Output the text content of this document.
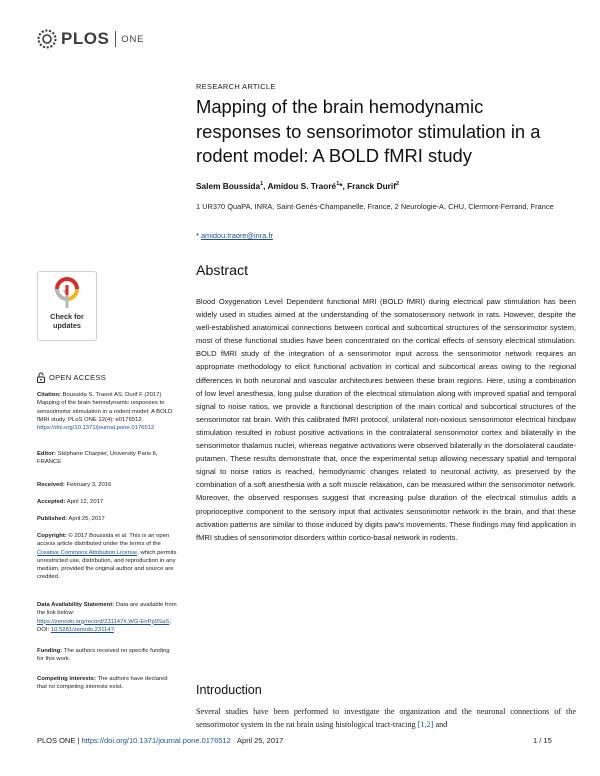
PLOS ONE
RESEARCH ARTICLE
Mapping of the brain hemodynamic responses to sensorimotor stimulation in a rodent model: A BOLD fMRI study
Salem Boussida$^1$, Amidou S. Traoré$^1$*, Franck Durif$^2$
1 UR370 QuaPA, INRA, Saint-Genès-Champanelle, France, 2 Neurologie-A, CHU, Clermont-Ferrand, France
* amidou.traore@inra.fr
Abstract
Blood Oxygenation Level Dependent functional MRI (BOLD fMRI) during electrical paw stimulation has been widely used in studies aimed at the understanding of the somatosensory network in rats. However, despite the well-established anatomical connections between cortical and subcortical structures of the sensorimotor system, most of these functional studies have been concentrated on the cortical effects of sensory electrical stimulation. BOLD fMRI study of the integration of a sensorimotor input across the sensorimotor network requires an appropriate methodology to elicit functional activation in cortical and subcortical areas owing to the regional differences in both neuronal and vascular architectures between these brain regions. Here, using a combination of low level anesthesia, long pulse duration of the electrical stimulation along with improved spatial and temporal signal to noise ratios, we provide a functional description of the main cortical and subcortical structures of the sensorimotor rat brain. With this calibrated fMRI protocol, unilateral non-noxious sensorimotor electrical hindpaw stimulation resulted in robust positive activations in the contralateral sensorimotor cortex and bilaterally in the sensorimotor thalamus nuclei, whereas negative activations were observed bilaterally in the dorsolateral caudate-putamen. These results demonstrate that, once the experimental setup allowing necessary spatial and temporal signal to noise ratios is reached, hemodynamic changes related to neuronal activity, as preserved by the combination of a soft anesthesia with a soft muscle relaxation, can be measured within the sensorimotor network. Moreover, the observed responses suggest that increasing pulse duration of the electrical stimulus adds a proprioceptive component to the sensory input that activates sensorimotor network in the brain, and that these activation patterns are similar to those induced by digits paw's movements. These findings may find application in fMRI studies of sensorimotor disorders within cortico-basal network in rodents.
Introduction
Several studies have been performed to investigate the organization and the neuronal connections of the sensorimotor system in the rat brain using histological tract-tracing [1,2] and
Check for
updates
OPEN ACCESS
Citation: Boussida S, Traoré AS, Durif F (2017) Mapping of the brain hemodynamic responses to sensorimotor stimulation in a rodent model: A BOLD fMRI study. PLoS ONE 12(4): e0176512. https://doi.org/10.1371/journal.pone.0176512
Editor: Stéphane Charpier, University Paris 6, FRANCE
Received: February 3, 2016
Accepted: April 12, 2017
Published: April 25, 2017
Copyright: © 2017 Boussida et al. This is an open access article distributed under the terms of the Creative Commons Attribution License, which permits unrestricted use, distribution, and reproduction in any medium, provided the original author and source are credited.
Data Availability Statement: Data are available from the link below: https://zenodo.org/record/231147#.WG-EnPp9SaS, DOI: 10.5281/zenodo.231147.
Funding: The authors received no specific funding for this work.
Competing interests: The authors have declared that no competing interests exist.
PLOS ONE | https://doi.org/10.1371/journal.pone.0176512 April 25, 2017	1 / 15
